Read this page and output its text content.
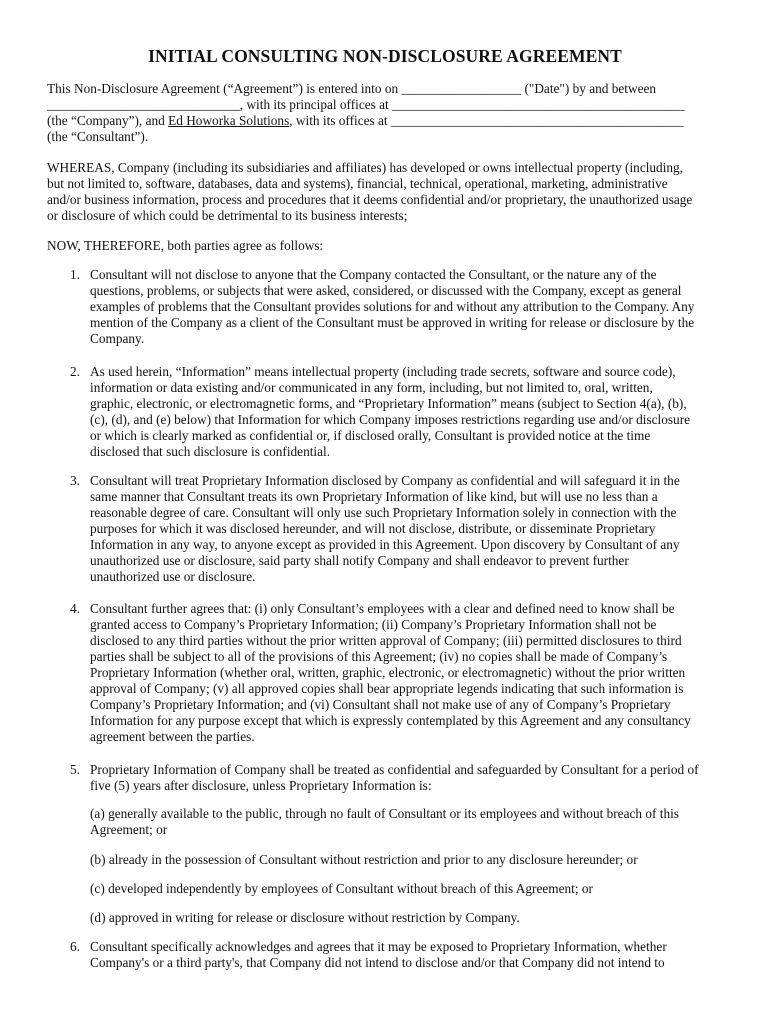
INITIAL CONSULTING NON-DISCLOSURE AGREEMENT
This Non-Disclosure Agreement (“Agreement”) is entered into on __________________ ("Date") by and between
_____________________________, with its principal offices at ____________________________________________
(the “Company”), and Ed Howorka Solutions, with its offices at ____________________________________________
(the “Consultant”).
WHEREAS, Company (including its subsidiaries and affiliates) has developed or owns intellectual property (including,
but not limited to, software, databases, data and systems), financial, technical, operational, marketing, administrative
and/or business information, process and procedures that it deems confidential and/or proprietary, the unauthorized usage
or disclosure of which could be detrimental to its business interests;
NOW, THEREFORE, both parties agree as follows:
1. Consultant will not disclose to anyone that the Company contacted the Consultant, or the nature any of the
questions, problems, or subjects that were asked, considered, or discussed with the Company, except as general
examples of problems that the Consultant provides solutions for and without any attribution to the Company. Any
mention of the Company as a client of the Consultant must be approved in writing for release or disclosure by the
Company.
2. As used herein, “Information” means intellectual property (including trade secrets, software and source code),
information or data existing and/or communicated in any form, including, but not limited to, oral, written,
graphic, electronic, or electromagnetic forms, and “Proprietary Information” means (subject to Section 4(a), (b),
(c), (d), and (e) below) that Information for which Company imposes restrictions regarding use and/or disclosure
or which is clearly marked as confidential or, if disclosed orally, Consultant is provided notice at the time
disclosed that such disclosure is confidential.
3. Consultant will treat Proprietary Information disclosed by Company as confidential and will safeguard it in the
same manner that Consultant treats its own Proprietary Information of like kind, but will use no less than a
reasonable degree of care. Consultant will only use such Proprietary Information solely in connection with the
purposes for which it was disclosed hereunder, and will not disclose, distribute, or disseminate Proprietary
Information in any way, to anyone except as provided in this Agreement. Upon discovery by Consultant of any
unauthorized use or disclosure, said party shall notify Company and shall endeavor to prevent further
unauthorized use or disclosure.
4. Consultant further agrees that: (i) only Consultant’s employees with a clear and defined need to know shall be
granted access to Company’s Proprietary Information; (ii) Company’s Proprietary Information shall not be
disclosed to any third parties without the prior written approval of Company; (iii) permitted disclosures to third
parties shall be subject to all of the provisions of this Agreement; (iv) no copies shall be made of Company’s
Proprietary Information (whether oral, written, graphic, electronic, or electromagnetic) without the prior written
approval of Company; (v) all approved copies shall bear appropriate legends indicating that such information is
Company’s Proprietary Information; and (vi) Consultant shall not make use of any of Company’s Proprietary
Information for any purpose except that which is expressly contemplated by this Agreement and any consultancy
agreement between the parties.
5. Proprietary Information of Company shall be treated as confidential and safeguarded by Consultant for a period of
five (5) years after disclosure, unless Proprietary Information is:
(a) generally available to the public, through no fault of Consultant or its employees and without breach of this
Agreement; or
(b) already in the possession of Consultant without restriction and prior to any disclosure hereunder; or
(c) developed independently by employees of Consultant without breach of this Agreement; or
(d) approved in writing for release or disclosure without restriction by Company.
6. Consultant specifically acknowledges and agrees that it may be exposed to Proprietary Information, whether
Company's or a third party's, that Company did not intend to disclose and/or that Company did not intend to
